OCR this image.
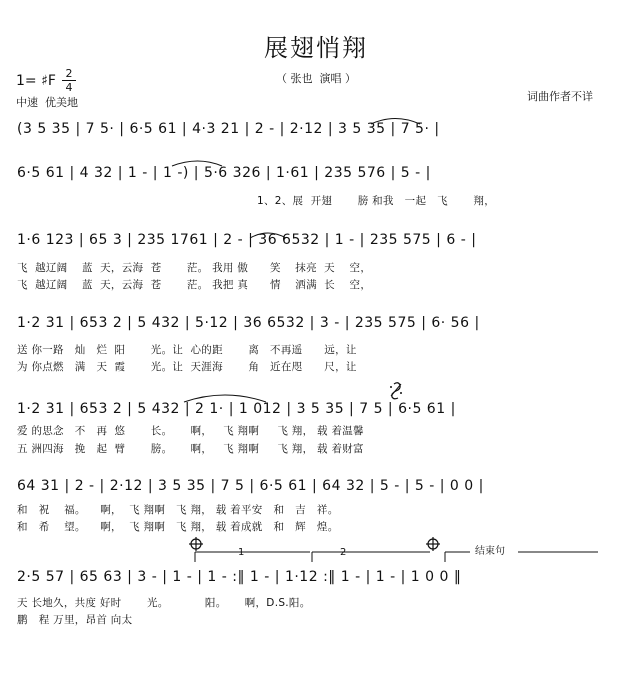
展翅悄翔
（ 张也  演唱 ）
1= ♯F 2
4
中速  优美地	词曲作者不详
(3 5 35 | 7 5· | 6·5 61 | 4·3 21 | 2 - | 2·12 | 3 5 35 | 7 5· |
6·5 61 | 4 32 | 1 - | 1 -) | 5·6 326 | 1·61 | 235 576 | 5 - |
1、2、展  开翅       膀 和我   一起   飞       翔，
1·6 123 | 65 3 | 235 1761 | 2 - | 36 6532 | 1 - | 235 575 | 6 - |
飞  越辽阔    蓝  天，云海  苍       茫。 我用 傲      笑    抹亮  天    空，
飞  越辽阔    蓝  天，云海  苍       茫。 我把 真      情    洒满  长    空，
1·2 31 | 653 2 | 5 432 | 5·12 | 36 6532 | 3 - | 235 575 | 6· 56 |
送 你一路   灿   烂  阳       光。让  心的距       离   不再遥      远，让
为 你点燃   满   天  霞       光。让  天涯海       角   近在咫      尺，让
1·2 31 | 653 2 | 5 432 | 2 1· | 1 012 | 3 5 35 | 7 5 | 6·5 61 |
爱 的思念   不   再  悠       长。     啊，   飞 翔啊     飞 翔， 载 着温馨
五 洲四海   挽   起  臂       膀。     啊，   飞 翔啊     飞 翔， 载 着财富
64 31 | 2 - | 2·12 | 3 5 35 | 7 5 | 6·5 61 | 64 32 | 5 - | 5 - | 0 0 |
和   祝    福。    啊，  飞 翔啊   飞 翔， 载 着平安   和   吉   祥。
和   希    望。    啊，  飞 翔啊   飞 翔， 载 着成就   和   辉   煌。
1	2	结束句
2·5 57 | 65 63 | 3 - | 1 - | 1 - :‖ 1 - | 1·12 :‖ 1 - | 1 - | 1 0 0 ‖
天 长地久，共度 好时       光。          阳。     啊，D.S.阳。
鹏   程 万里，昂首 向太
